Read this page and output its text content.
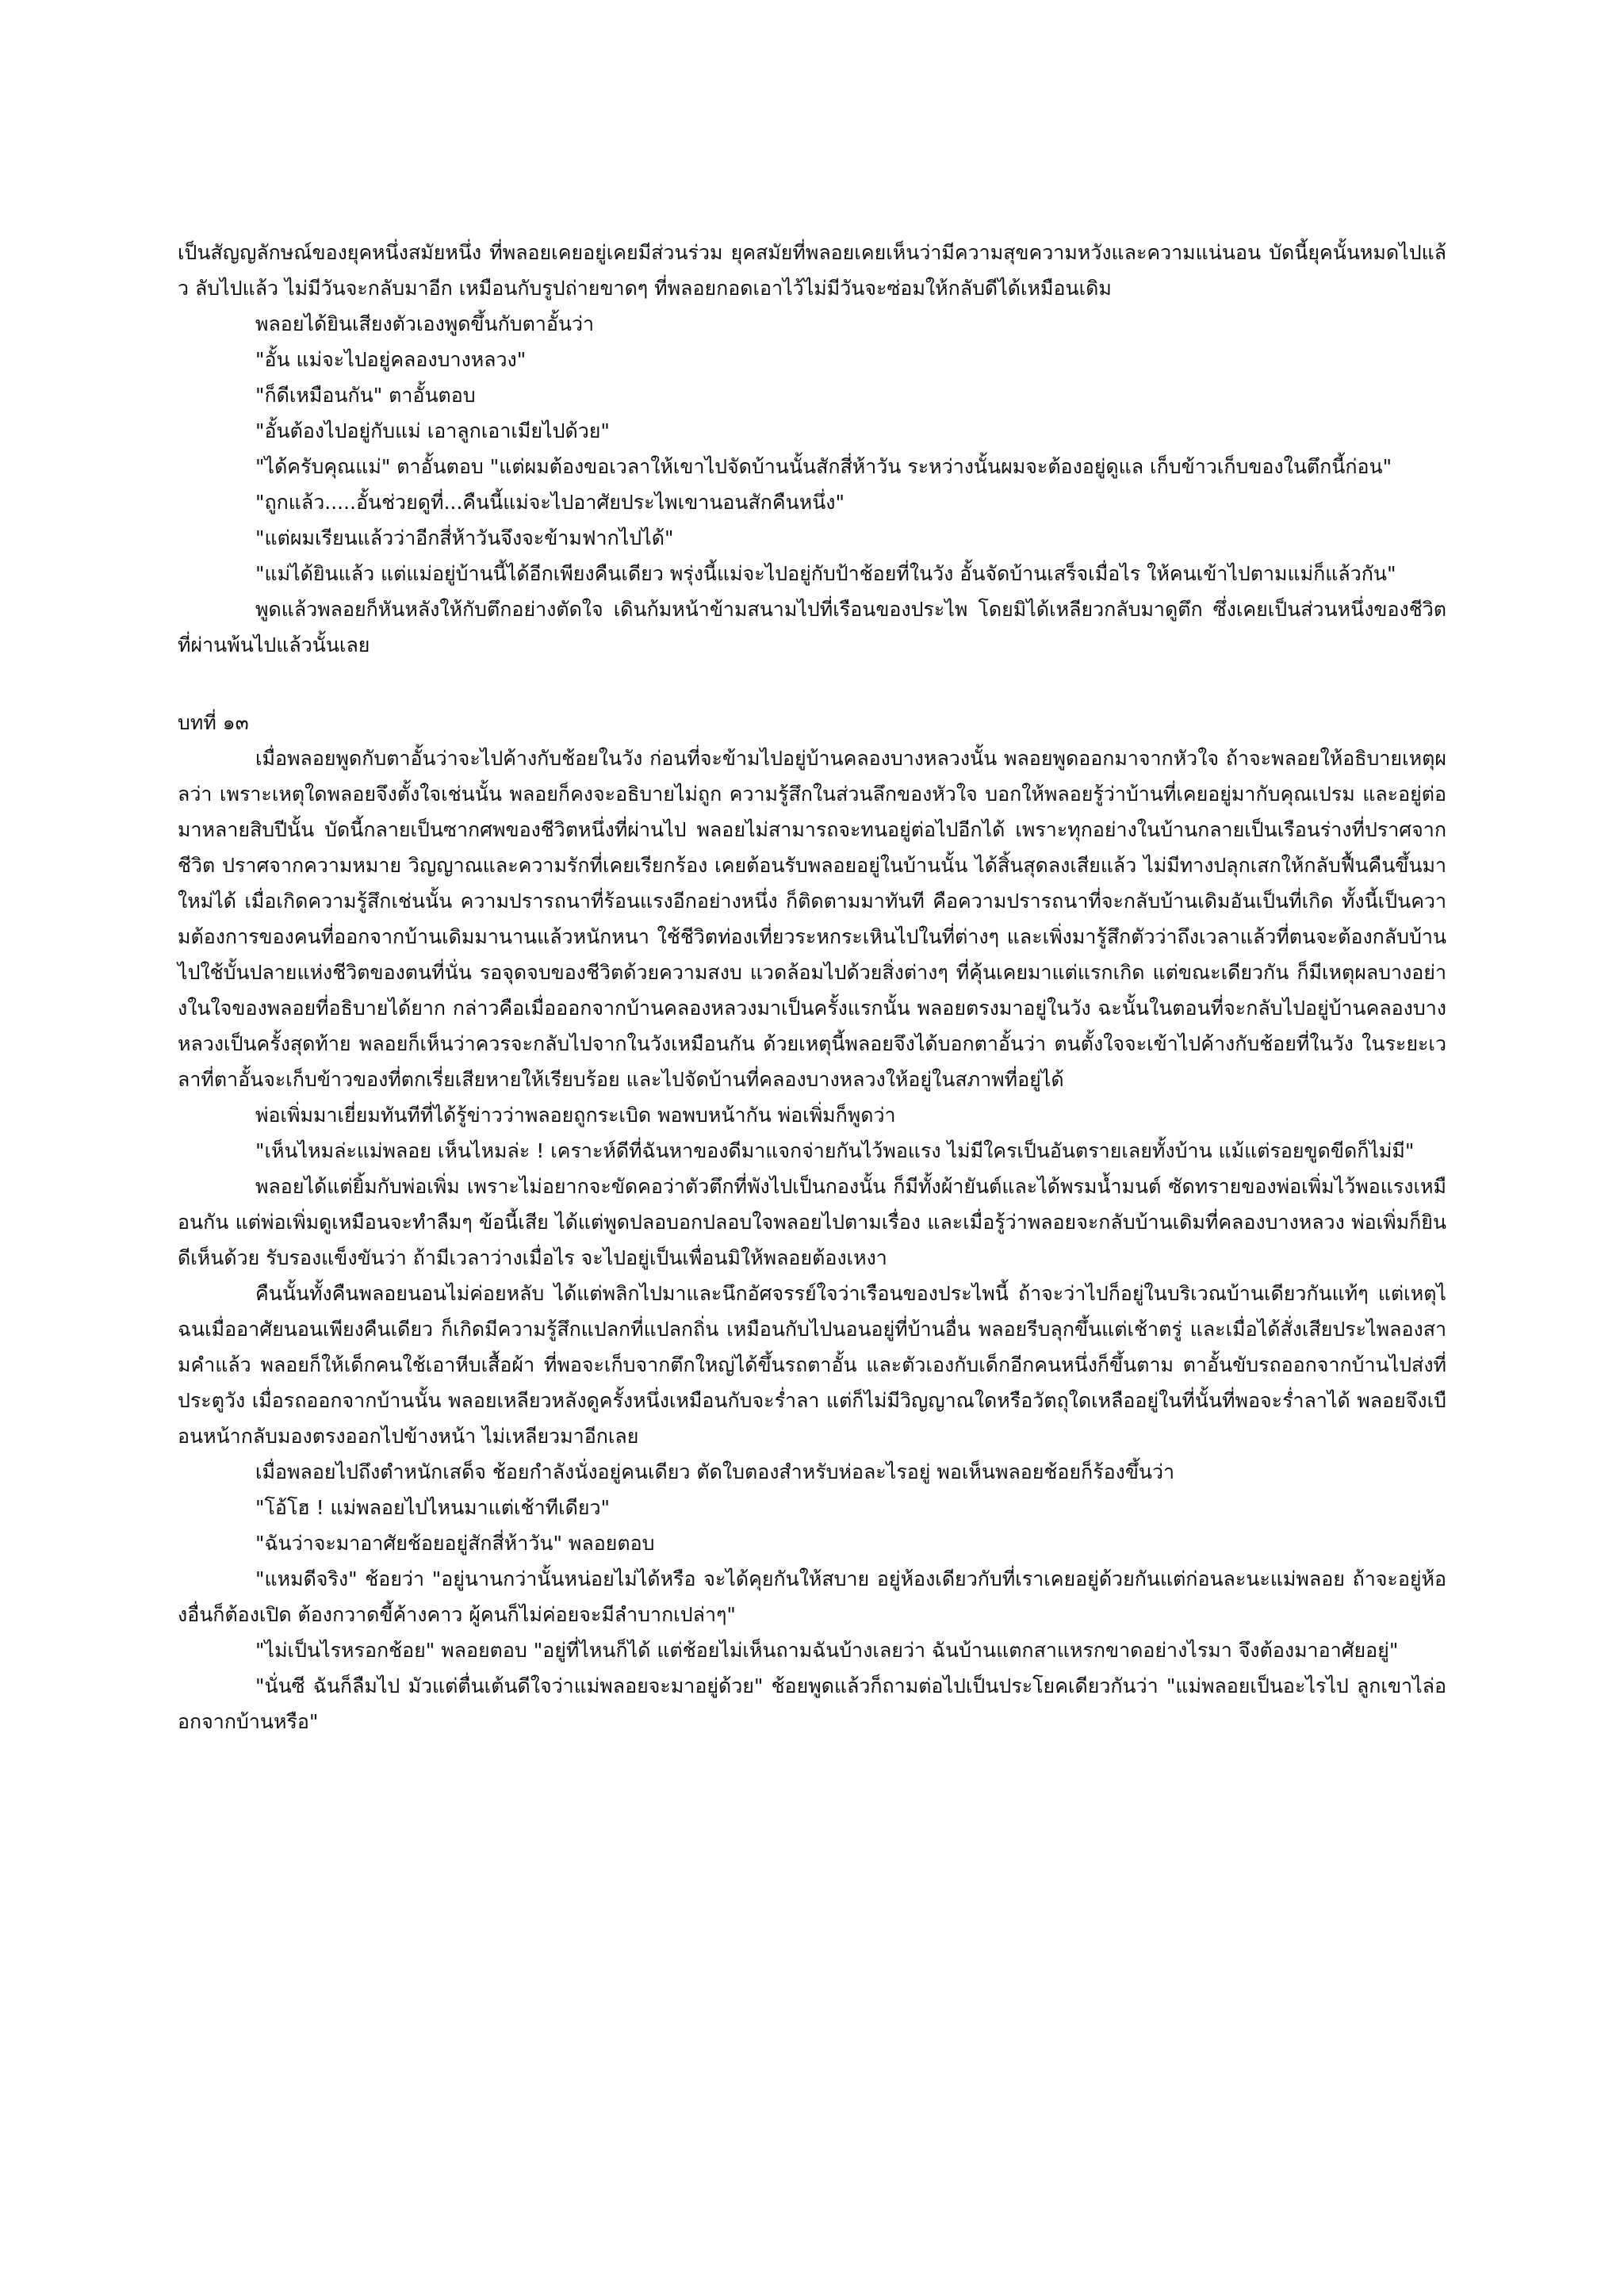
เป็นสัญญลักษณ์ของยุคหนึ่งสมัยหนึ่ง ที่พลอยเคยอยู่เคยมีส่วนร่วม ยุคสมัยที่พลอยเคยเห็นว่ามีความสุขความหวังและความแน่นอน บัดนี้ยุคนั้นหมดไปแล้ว ลับไปแล้ว ไม่มีวันจะกลับมาอีก เหมือนกับรูปถ่ายขาดๆ ที่พลอยกอดเอาไว้ไม่มีวันจะซ่อมให้กลับดีได้เหมือนเดิม

พลอยได้ยินเสียงตัวเองพูดขึ้นกับตาอั้นว่า

"อั้น แม่จะไปอยู่คลองบางหลวง"

"ก็ดีเหมือนกัน" ตาอั้นตอบ

"อั้นต้องไปอยู่กับแม่ เอาลูกเอาเมียไปด้วย"

"ได้ครับคุณแม่" ตาอั้นตอบ "แต่ผมต้องขอเวลาให้เขาไปจัดบ้านนั้นสักสี่ห้าวัน ระหว่างนั้นผมจะต้องอยู่ดูแล เก็บข้าวเก็บของในตึกนี้ก่อน"

"ถูกแล้ว.....อั้นช่วยดูที่...คืนนี้แม่จะไปอาศัยประไพเขานอนสักคืนหนึ่ง"

"แต่ผมเรียนแล้วว่าอีกสี่ห้าวันจึงจะข้ามฟากไปได้"

"แม่ได้ยินแล้ว แต่แม่อยู่บ้านนี้ได้อีกเพียงคืนเดียว พรุ่งนี้แม่จะไปอยู่กับป้าช้อยที่ในวัง อั้นจัดบ้านเสร็จเมื่อไร ให้คนเข้าไปตามแม่ก็แล้วกัน"

พูดแล้วพลอยก็หันหลังให้กับตึกอย่างตัดใจ เดินก้มหน้าข้ามสนามไปที่เรือนของประไพ โดยมิได้เหลียวกลับมาดูตึก ซึ่งเคยเป็นส่วนหนึ่งของชีวิตที่ผ่านพ้นไปแล้วนั้นเลย

บทที่ ๑๓

เมื่อพลอยพูดกับตาอั้นว่าจะไปค้างกับช้อยในวัง ก่อนที่จะข้ามไปอยู่บ้านคลองบางหลวงนั้น พลอยพูดออกมาจากหัวใจ ถ้าจะพลอยให้อธิบายเหตุผลว่า เพราะเหตุใดพลอยจึงตั้งใจเช่นนั้น พลอยก็คงจะอธิบายไม่ถูก ความรู้สึกในส่วนลึกของหัวใจ บอกให้พลอยรู้ว่าบ้านที่เคยอยู่มากับคุณเปรม และอยู่ต่อมาหลายสิบปีนั้น บัดนี้กลายเป็นซากศพของชีวิตหนึ่งที่ผ่านไป พลอยไม่สามารถจะทนอยู่ต่อไปอีกได้ เพราะทุกอย่างในบ้านกลายเป็นเรือนร่างที่ปราศจากชีวิต ปราศจากความหมาย วิญญาณและความรักที่เคยเรียกร้อง เคยต้อนรับพลอยอยู่ในบ้านนั้น ได้สิ้นสุดลงเสียแล้ว ไม่มีทางปลุกเสกให้กลับฟื้นคืนขึ้นมาใหม่ได้ เมื่อเกิดความรู้สึกเช่นนั้น ความปรารถนาที่ร้อนแรงอีกอย่างหนึ่ง ก็ติดตามมาทันที คือความปรารถนาที่จะกลับบ้านเดิมอันเป็นที่เกิด ทั้งนี้เป็นความต้องการของคนที่ออกจากบ้านเดิมมานานแล้วหนักหนา ใช้ชีวิตท่องเที่ยวระหกระเหินไปในที่ต่างๆ และเพิ่งมารู้สึกตัวว่าถึงเวลาแล้วที่ตนจะต้องกลับบ้าน ไปใช้บั้นปลายแห่งชีวิตของตนที่นั่น รอจุดจบของชีวิตด้วยความสงบ แวดล้อมไปด้วยสิ่งต่างๆ ที่คุ้นเคยมาแต่แรกเกิด แต่ขณะเดียวกัน ก็มีเหตุผลบางอย่างในใจของพลอยที่อธิบายได้ยาก กล่าวคือเมื่อออกจากบ้านคลองหลวงมาเป็นครั้งแรกนั้น พลอยตรงมาอยู่ในวัง ฉะนั้นในตอนที่จะกลับไปอยู่บ้านคลองบางหลวงเป็นครั้งสุดท้าย พลอยก็เห็นว่าควรจะกลับไปจากในวังเหมือนกัน ด้วยเหตุนี้พลอยจึงได้บอกตาอั้นว่า ตนตั้งใจจะเข้าไปค้างกับช้อยที่ในวัง ในระยะเวลาที่ตาอั้นจะเก็บข้าวของที่ตกเรี่ยเสียหายให้เรียบร้อย และไปจัดบ้านที่คลองบางหลวงให้อยู่ในสภาพที่อยู่ได้

พ่อเพิ่มมาเยี่ยมทันทีที่ได้รู้ข่าวว่าพลอยถูกระเบิด พอพบหน้ากัน พ่อเพิ่มก็พูดว่า

"เห็นไหมล่ะแม่พลอย เห็นไหมล่ะ ! เคราะห์ดีที่ฉันหาของดีมาแจกจ่ายกันไว้พอแรง ไม่มีใครเป็นอันตรายเลยทั้งบ้าน แม้แต่รอยขูดขีดก็ไม่มี"

พลอยได้แต่ยิ้มกับพ่อเพิ่ม เพราะไม่อยากจะขัดคอว่าตัวตึกที่พังไปเป็นกองนั้น ก็มีทั้งผ้ายันต์และได้พรมน้ำมนต์ ซัดทรายของพ่อเพิ่มไว้พอแรงเหมือนกัน แต่พ่อเพิ่มดูเหมือนจะทำลืมๆ ข้อนี้เสีย ได้แต่พูดปลอบอกปลอบใจพลอยไปตามเรื่อง และเมื่อรู้ว่าพลอยจะกลับบ้านเดิมที่คลองบางหลวง พ่อเพิ่มก็ยินดีเห็นด้วย รับรองแข็งขันว่า ถ้ามีเวลาว่างเมื่อไร จะไปอยู่เป็นเพื่อนมิให้พลอยต้องเหงา

คืนนั้นทั้งคืนพลอยนอนไม่ค่อยหลับ ได้แต่พลิกไปมาและนึกอัศจรรย์ใจว่าเรือนของประไพนี้ ถ้าจะว่าไปก็อยู่ในบริเวณบ้านเดียวกันแท้ๆ แต่เหตุไฉนเมื่ออาศัยนอนเพียงคืนเดียว ก็เกิดมีความรู้สึกแปลกที่แปลกถิ่น เหมือนกับไปนอนอยู่ที่บ้านอื่น พลอยรีบลุกขึ้นแต่เช้าตรู่ และเมื่อได้สั่งเสียประไพลองสามคำแล้ว พลอยก็ให้เด็กคนใช้เอาหีบเสื้อผ้า ที่พอจะเก็บจากตึกใหญ่ได้ขึ้นรถตาอั้น และตัวเองกับเด็กอีกคนหนึ่งก็ขึ้นตาม ตาอั้นขับรถออกจากบ้านไปส่งที่ประตูวัง เมื่อรถออกจากบ้านนั้น พลอยเหลียวหลังดูครั้งหนึ่งเหมือนกับจะร่ำลา แต่ก็ไม่มีวิญญาณใดหรือวัตถุใดเหลืออยู่ในที่นั้นที่พอจะร่ำลาได้ พลอยจึงเบือนหน้ากลับมองตรงออกไปข้างหน้า ไม่เหลียวมาอีกเลย

เมื่อพลอยไปถึงตำหนักเสด็จ ช้อยกำลังนั่งอยู่คนเดียว ตัดใบตองสำหรับห่อละไรอยู่ พอเห็นพลอยช้อยก็ร้องขึ้นว่า

"โอ้โฮ ! แม่พลอยไปไหนมาแต่เช้าทีเดียว"

"ฉันว่าจะมาอาศัยช้อยอยู่สักสี่ห้าวัน" พลอยตอบ

"แหมดีจริง" ช้อยว่า "อยู่นานกว่านั้นหน่อยไม่ได้หรือ จะได้คุยกันให้สบาย อยู่ห้องเดียวกับที่เราเคยอยู่ด้วยกันแต่ก่อนละนะแม่พลอย ถ้าจะอยู่ห้องอื่นก็ต้องเปิด ต้องกวาดขี้ค้างคาว ผู้คนก็ไม่ค่อยจะมีลำบากเปล่าๆ"

"ไม่เป็นไรหรอกช้อย" พลอยตอบ "อยู่ที่ไหนก็ได้ แต่ช้อยไม่เห็นถามฉันบ้างเลยว่า ฉันบ้านแตกสาแหรกขาดอย่างไรมา จึงต้องมาอาศัยอยู่"

"นั่นซี ฉันก็ลืมไป มัวแต่ตื่นเต้นดีใจว่าแม่พลอยจะมาอยู่ด้วย" ช้อยพูดแล้วก็ถามต่อไปเป็นประโยคเดียวกันว่า "แม่พลอยเป็นอะไรไป ลูกเขาไล่ออกจากบ้านหรือ"
